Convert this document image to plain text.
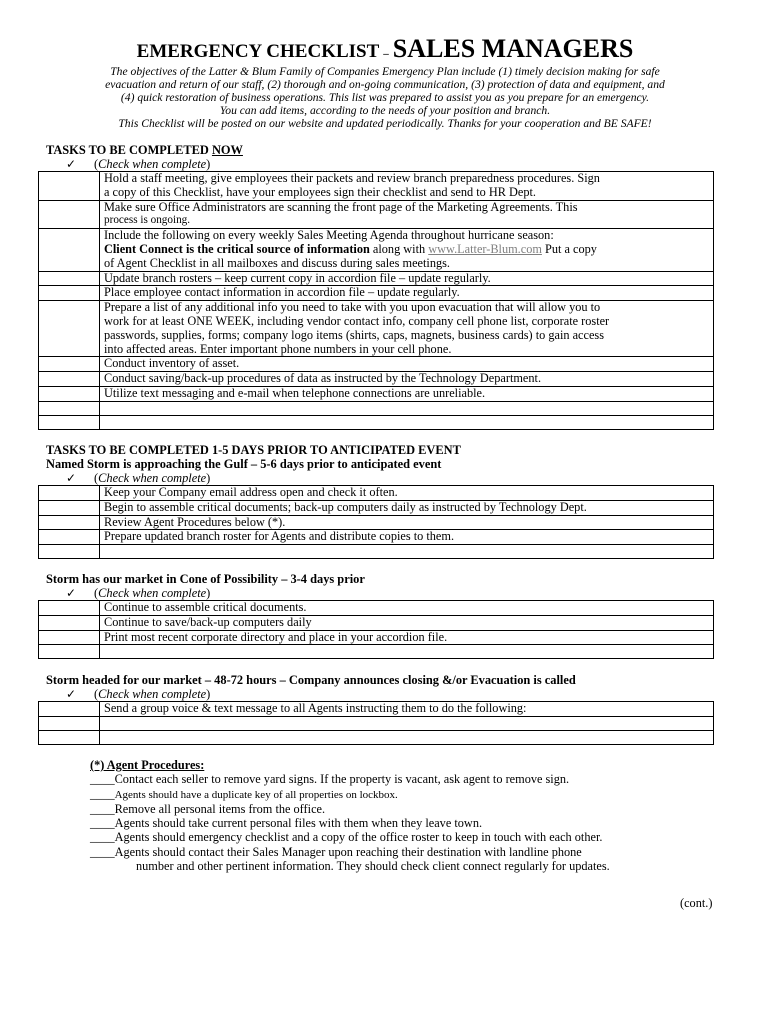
EMERGENCY CHECKLIST – SALES MANAGERS
The objectives of the Latter & Blum Family of Companies Emergency Plan include (1) timely decision making for safe
evacuation and return of our staff, (2) thorough and on-going communication, (3) protection of data and equipment, and
(4) quick restoration of business operations. This list was prepared to assist you as you prepare for an emergency.
You can add items, according to the needs of your position and branch.
This Checklist will be posted on our website and updated periodically. Thanks for your cooperation and BE SAFE!
TASKS TO BE COMPLETED NOW
✓ (Check when complete)

	Hold a staff meeting, give employees their packets and review branch preparedness procedures. Sign
a copy of this Checklist, have your employees sign their checklist and send to HR Dept.

	Make sure Office Administrators are scanning the front page of the Marketing Agreements. This
process is ongoing.

	Include the following on every weekly Sales Meeting Agenda throughout hurricane season:
Client Connect is the critical source of information along with www.Latter-Blum.com Put a copy
of Agent Checklist in all mailboxes and discuss during sales meetings.

	Update branch rosters – keep current copy in accordion file – update regularly.
	Place employee contact information in accordion file – update regularly.

	Prepare a list of any additional info you need to take with you upon evacuation that will allow you to
work for at least ONE WEEK, including vendor contact info, company cell phone list, corporate roster
passwords, supplies, forms; company logo items (shirts, caps, magnets, business cards) to gain access
into affected areas. Enter important phone numbers in your cell phone.

	Conduct inventory of asset.
	Conduct saving/back-up procedures of data as instructed by the Technology Department.
	Utilize text messaging and e-mail when telephone connections are unreliable.

TASKS TO BE COMPLETED 1-5 DAYS PRIOR TO ANTICIPATED EVENT
Named Storm is approaching the Gulf – 5-6 days prior to anticipated event
✓ (Check when complete)
	Keep your Company email address open and check it often.
	Begin to assemble critical documents; back-up computers daily as instructed by Technology Dept.
	Review Agent Procedures below (*).
	Prepare updated branch roster for Agents and distribute copies to them.

Storm has our market in Cone of Possibility – 3-4 days prior
✓ (Check when complete)
	Continue to assemble critical documents.
	Continue to save/back-up computers daily
	Print most recent corporate directory and place in your accordion file.

Storm headed for our market – 48-72 hours – Company announces closing &/or Evacuation is called
✓ (Check when complete)
	Send a group voice & text message to all Agents instructing them to do the following:

(*) Agent Procedures:
____Contact each seller to remove yard signs. If the property is vacant, ask agent to remove sign.
____Agents should have a duplicate key of all properties on lockbox.
____Remove all personal items from the office.
____Agents should take current personal files with them when they leave town.
____Agents should emergency checklist and a copy of the office roster to keep in touch with each other.
____Agents should contact their Sales Manager upon reaching their destination with landline phone
number and other pertinent information. They should check client connect regularly for updates.
(cont.)
